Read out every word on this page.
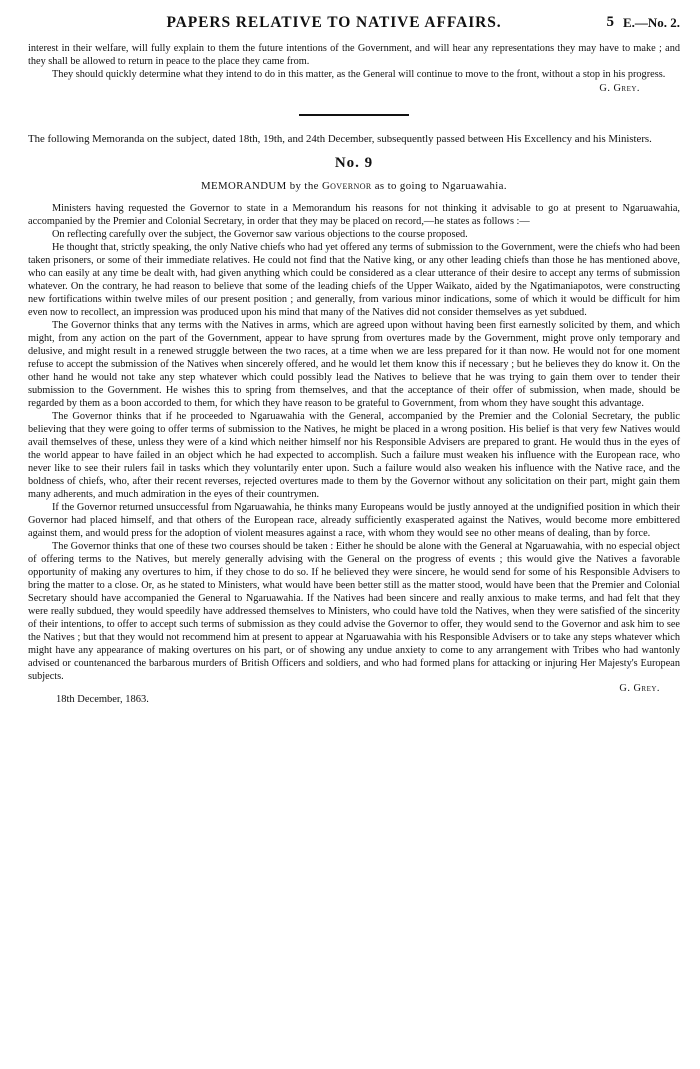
PAPERS RELATIVE TO NATIVE AFFAIRS.	5 E.—No. 2.

interest in their welfare, will fully explain to them the future intentions of the Government, and will hear any representations they may have to make ; and they shall be allowed to return in peace to the place they came from.

They should quickly determine what they intend to do in this matter, as the General will continue to move to the front, without a stop in his progress.

G. Grey.

The following Memoranda on the subject, dated 18th, 19th, and 24th December, subsequently passed between His Excellency and his Ministers.

No. 9
MEMORANDUM by the Governor as to going to Ngaruawahia.

Ministers having requested the Governor to state in a Memorandum his reasons for not thinking it advisable to go at present to Ngaruawahia, accompanied by the Premier and Colonial Secretary, in order that they may be placed on record,—he states as follows :—

On reflecting carefully over the subject, the Governor saw various objections to the course proposed.

He thought that, strictly speaking, the only Native chiefs who had yet offered any terms of submission to the Government, were the chiefs who had been taken prisoners, or some of their immediate relatives. He could not find that the Native king, or any other leading chiefs than those he has mentioned above, who can easily at any time be dealt with, had given anything which could be considered as a clear utterance of their desire to accept any terms of submission whatever. On the contrary, he had reason to believe that some of the leading chiefs of the Upper Waikato, aided by the Ngatimaniapotos, were constructing new fortifications within twelve miles of our present position ; and generally, from various minor indications, some of which it would be difficult for him even now to recollect, an impression was produced upon his mind that many of the Natives did not consider themselves as yet subdued.

The Governor thinks that any terms with the Natives in arms, which are agreed upon without having been first earnestly solicited by them, and which might, from any action on the part of the Government, appear to have sprung from overtures made by the Government, might prove only temporary and delusive, and might result in a renewed struggle between the two races, at a time when we are less prepared for it than now. He would not for one moment refuse to accept the submission of the Natives when sincerely offered, and he would let them know this if necessary ; but he believes they do know it. On the other hand he would not take any step whatever which could possibly lead the Natives to believe that he was trying to gain them over to tender their submission to the Government. He wishes this to spring from themselves, and that the acceptance of their offer of submission, when made, should be regarded by them as a boon accorded to them, for which they have reason to be grateful to Government, from whom they have sought this advantage.

The Governor thinks that if he proceeded to Ngaruawahia with the General, accompanied by the Premier and the Colonial Secretary, the public believing that they were going to offer terms of submission to the Natives, he might be placed in a wrong position. His belief is that very few Natives would avail themselves of these, unless they were of a kind which neither himself nor his Responsible Advisers are prepared to grant. He would thus in the eyes of the world appear to have failed in an object which he had expected to accomplish. Such a failure must weaken his influence with the European race, who never like to see their rulers fail in tasks which they voluntarily enter upon. Such a failure would also weaken his influence with the Native race, and the boldness of chiefs, who, after their recent reverses, rejected overtures made to them by the Governor without any solicitation on their part, might gain them many adherents, and much admiration in the eyes of their countrymen.

If the Governor returned unsuccessful from Ngaruawahia, he thinks many Europeans would be justly annoyed at the undignified position in which their Governor had placed himself, and that others of the European race, already sufficiently exasperated against the Natives, would become more embittered against them, and would press for the adoption of violent measures against a race, with whom they would see no other means of dealing, than by force.

The Governor thinks that one of these two courses should be taken : Either he should be alone with the General at Ngaruawahia, with no especial object of offering terms to the Natives, but merely generally advising with the General on the progress of events ; this would give the Natives a favorable opportunity of making any overtures to him, if they chose to do so. If he believed they were sincere, he would send for some of his Responsible Advisers to bring the matter to a close. Or, as he stated to Ministers, what would have been better still as the matter stood, would have been that the Premier and Colonial Secretary should have accompanied the General to Ngaruawahia. If the Natives had been sincere and really anxious to make terms, and had felt that they were really subdued, they would speedily have addressed themselves to Ministers, who could have told the Natives, when they were satisfied of the sincerity of their intentions, to offer to accept such terms of submission as they could advise the Governor to offer, they would send to the Governor and ask him to see the Natives ; but that they would not recommend him at present to appear at Ngaruawahia with his Responsible Advisers or to take any steps whatever which might have any appearance of making overtures on his part, or of showing any undue anxiety to come to any arrangement with Tribes who had wantonly advised or countenanced the barbarous murders of British Officers and soldiers, and who had formed plans for attacking or injuring Her Majesty's European subjects.

G. Grey.
18th December, 1863.
